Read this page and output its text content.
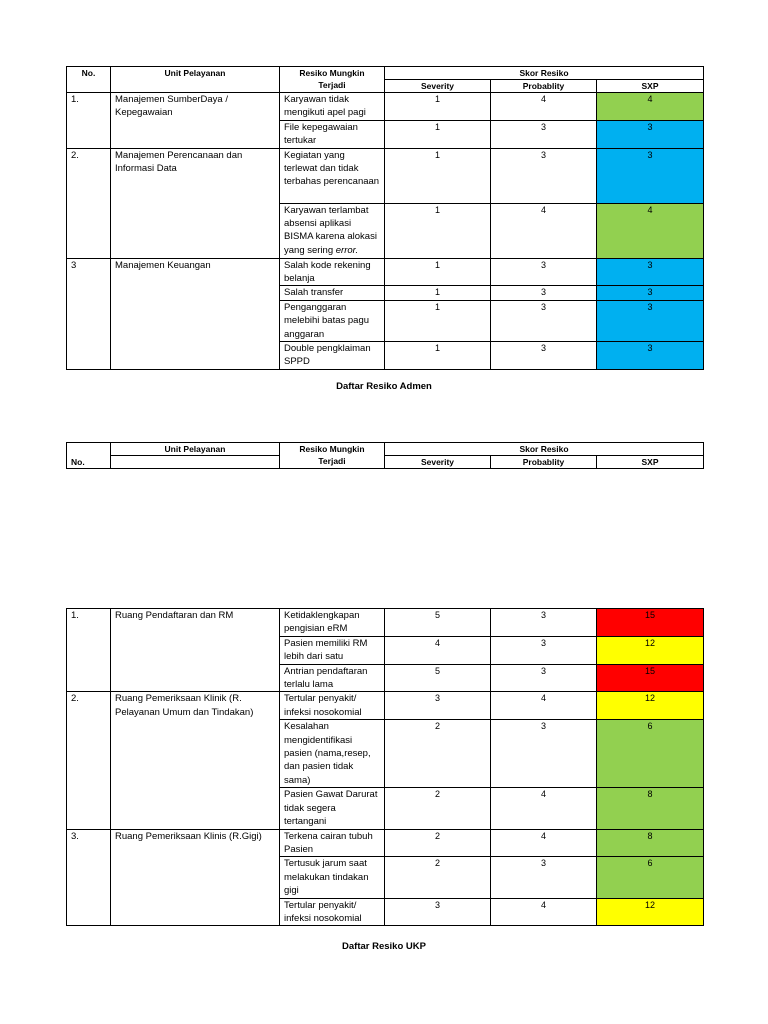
No.	Unit Pelayanan	Resiko Mungkin
Terjadi	Skor Resiko		
			Severity	Probablity	SXP
1.	Manajemen SumberDaya / Kepegawaian	Karyawan tidak mengikuti apel pagi	1	4	4
		File kepegawaian tertukar	1	3	3
2.	Manajemen Perencanaan dan Informasi Data	Kegiatan yang terlewat dan tidak terbahas perencanaan	1	3	3
		Karyawan terlambat absensi aplikasi BISMA karena alokasi yang sering error.	1	4	4
3	Manajemen Keuangan	Salah kode rekening belanja	1	3	3
		Salah transfer	1	3	3
		Penganggaran melebihi batas pagu anggaran	1	3	3
		Double pengklaiman SPPD	1	3	3
Daftar Resiko Admen
	Unit Pelayanan	Resiko Mungkin
Terjadi	Skor Resiko		
No.			Severity	Probablity	SXP
1.	Ruang Pendaftaran dan RM	Ketidaklengkapan pengisian eRM	5	3	15
		Pasien memiliki RM lebih dari satu	4	3	12
		Antrian pendaftaran terlalu lama	5	3	15
2.	Ruang Pemeriksaan Klinik (R. Pelayanan Umum dan Tindakan)	Tertular penyakit/ infeksi nosokomial	3	4	12
		Kesalahan mengidentifikasi pasien (nama,resep, dan pasien tidak sama)	2	3	6
		Pasien Gawat Darurat tidak segera tertangani	2	4	8
3.	Ruang Pemeriksaan Klinis (R.Gigi)	Terkena cairan tubuh Pasien	2	4	8
		Tertusuk jarum saat melakukan tindakan gigi	2	3	6
		Tertular penyakit/ infeksi nosokomial	3	4	12
Daftar Resiko UKP
